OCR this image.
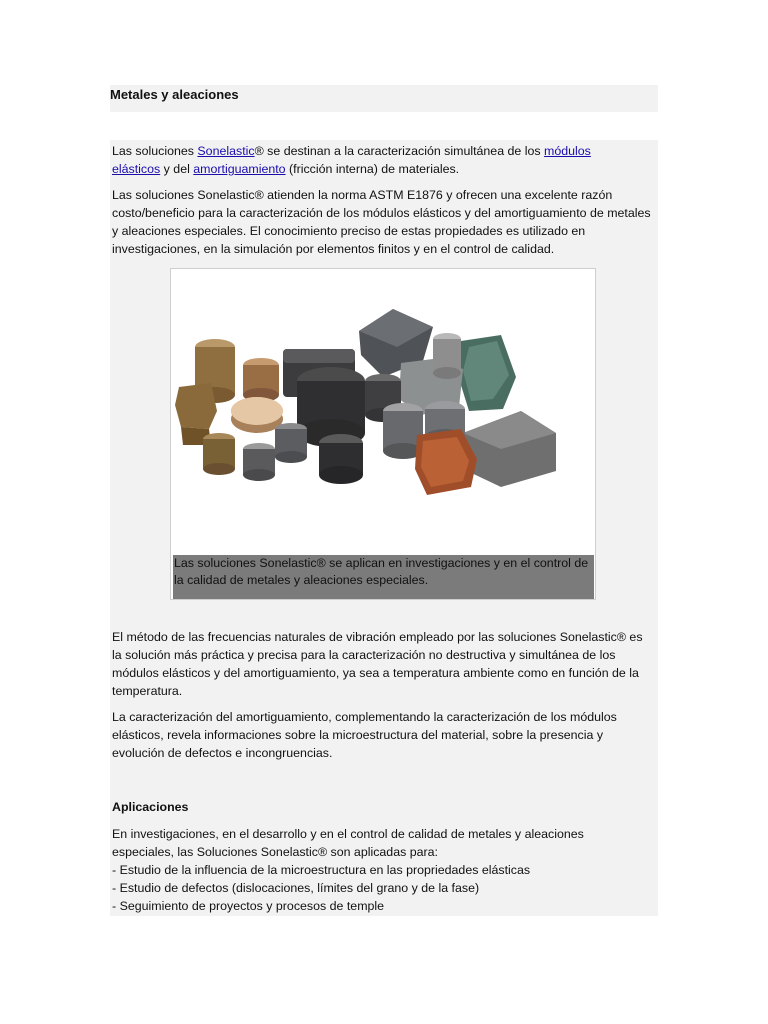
Metales y aleaciones

Las soluciones Sonelastic® se destinan a la caracterización simultánea de los módulos elásticos y del amortiguamiento (fricción interna) de materiales.

Las soluciones Sonelastic® atienden la norma ASTM E1876 y ofrecen una excelente razón costo/beneficio para la caracterización de los módulos elásticos y del amortiguamiento de metales y aleaciones especiales. El conocimiento preciso de estas propiedades es utilizado en investigaciones, en la simulación por elementos finitos y en el control de calidad.

Las soluciones Sonelastic® se aplican en investigaciones y en el control de la calidad de metales y aleaciones especiales.

El método de las frecuencias naturales de vibración empleado por las soluciones Sonelastic® es la solución más práctica y precisa para la caracterización no destructiva y simultánea de los módulos elásticos y del amortiguamiento, ya sea a temperatura ambiente como en función de la temperatura.

La caracterización del amortiguamiento, complementando la caracterización de los módulos elásticos, revela informaciones sobre la microestructura del material, sobre la presencia y evolución de defectos e incongruencias.

Aplicaciones

En investigaciones, en el desarrollo y en el control de calidad de metales y aleaciones especiales, las Soluciones Sonelastic® son aplicadas para:

- Estudio de la influencia de la microestructura en las propriedades elásticas

- Estudio de defectos (dislocaciones, límites del grano y de la fase)

- Seguimiento de proyectos y procesos de temple
